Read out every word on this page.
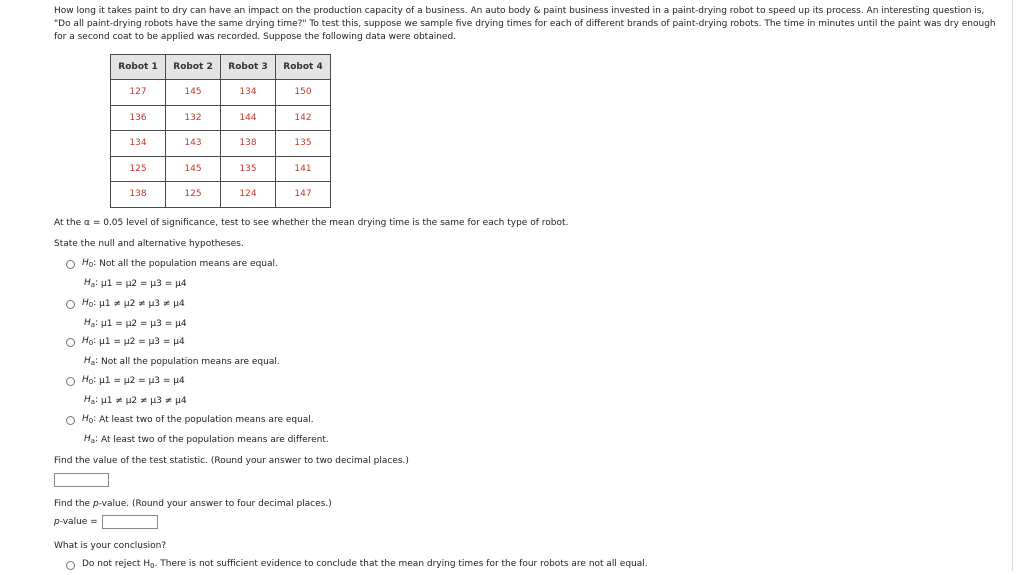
How long it takes paint to dry can have an impact on the production capacity of a business. An auto body & paint business invested in a paint-drying robot to speed up its process. An interesting question is, "Do all paint-drying robots have the same drying time?" To test this, suppose we sample five drying times for each of different brands of paint-drying robots. The time in minutes until the paint was dry enough for a second coat to be applied was recorded. Suppose the following data were obtained.
Robot 1	Robot 2	Robot 3	Robot 4
127	145	134	150
136	132	144	142
134	143	138	135
125	145	135	141
138	125	124	147
At the α = 0.05 level of significance, test to see whether the mean drying time is the same for each type of robot.
State the null and alternative hypotheses.
$H_0$: Not all the population means are equal.
$H_a$: μ1 = μ2 = μ3 = μ4
$H_0$: μ1 ≠ μ2 ≠ μ3 ≠ μ4
$H_a$: μ1 = μ2 = μ3 = μ4
$H_0$: μ1 = μ2 = μ3 = μ4
$H_a$: Not all the population means are equal.
$H_0$: μ1 = μ2 = μ3 = μ4
$H_a$: μ1 ≠ μ2 ≠ μ3 ≠ μ4
$H_0$: At least two of the population means are equal.
$H_a$: At least two of the population means are different.
Find the value of the test statistic. (Round your answer to two decimal places.)
Find the p-value. (Round your answer to four decimal places.)
p-value =
What is your conclusion?
Do not reject $H_0$. There is not sufficient evidence to conclude that the mean drying times for the four robots are not all equal.
